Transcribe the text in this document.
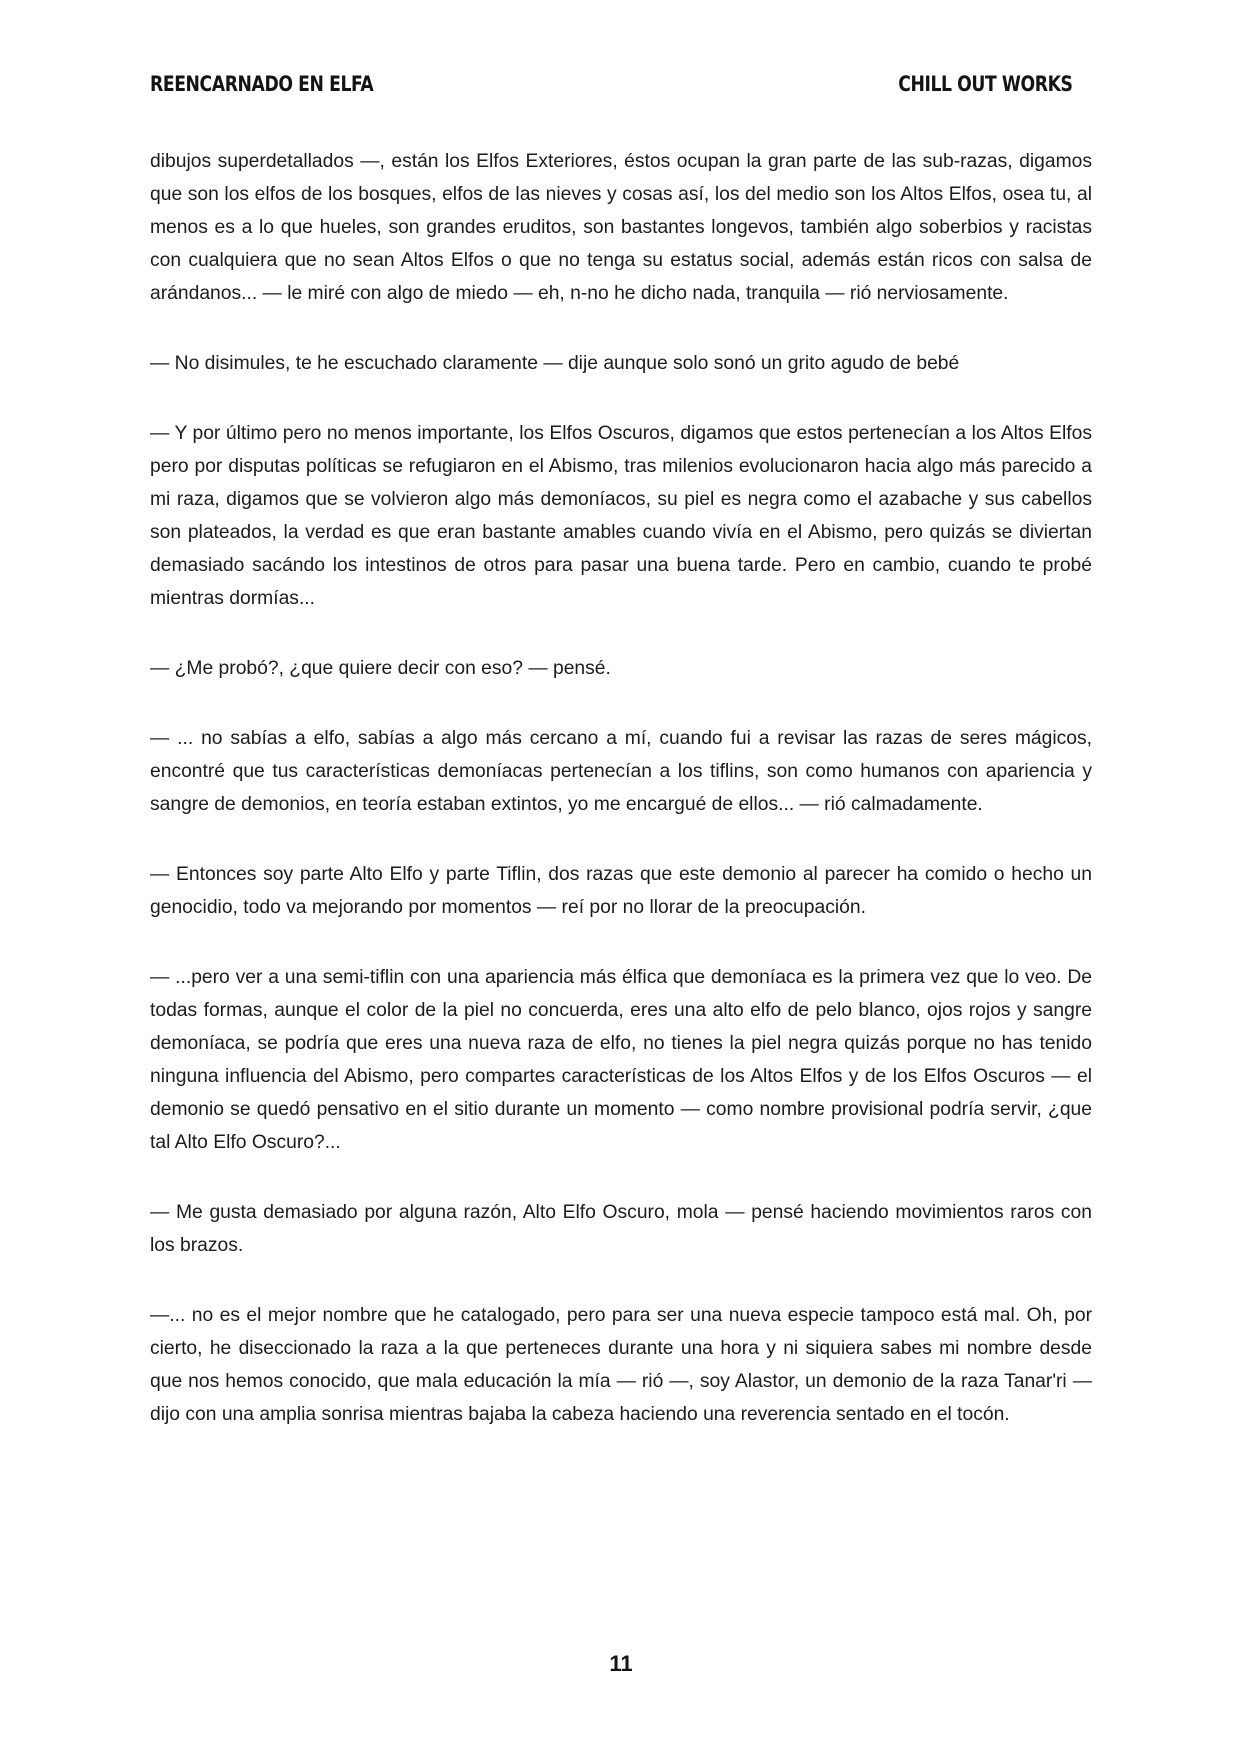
REENCARNADO EN ELFA	CHILL OUT WORKS

dibujos superdetallados —, están los Elfos Exteriores, éstos ocupan la gran parte de las sub-razas, digamos que son los elfos de los bosques, elfos de las nieves y cosas así, los del medio son los Altos Elfos, osea tu, al menos es a lo que hueles, son grandes eruditos, son bastantes longevos, también algo soberbios y racistas con cualquiera que no sean Altos Elfos o que no tenga su estatus social, además están ricos con salsa de arándanos... — le miré con algo de miedo — eh, n-no he dicho nada, tranquila — rió nerviosamente.

— No disimules, te he escuchado claramente — dije aunque solo sonó un grito agudo de bebé

— Y por último pero no menos importante, los Elfos Oscuros, digamos que estos pertenecían a los Altos Elfos pero por disputas políticas se refugiaron en el Abismo, tras milenios evolucionaron hacia algo más parecido a mi raza, digamos que se volvieron algo más demoníacos, su piel es negra como el azabache y sus cabellos son plateados, la verdad es que eran bastante amables cuando vivía en el Abismo, pero quizás se diviertan demasiado sacándo los intestinos de otros para pasar una buena tarde. Pero en cambio, cuando te probé mientras dormías...

— ¿Me probó?, ¿que quiere decir con eso? — pensé.

— ... no sabías a elfo, sabías a algo más cercano a mí, cuando fui a revisar las razas de seres mágicos, encontré que tus características demoníacas pertenecían a los tiflins, son como humanos con apariencia y sangre de demonios, en teoría estaban extintos, yo me encargué de ellos... — rió calmadamente.

— Entonces soy parte Alto Elfo y parte Tiflin, dos razas que este demonio al parecer ha comido o hecho un genocidio, todo va mejorando por momentos — reí por no llorar de la preocupación.

— ...pero ver a una semi-tiflin con una apariencia más élfica que demoníaca es la primera vez que lo veo. De todas formas, aunque el color de la piel no concuerda, eres una alto elfo de pelo blanco, ojos rojos y sangre demoníaca, se podría que eres una nueva raza de elfo, no tienes la piel negra quizás porque no has tenido ninguna influencia del Abismo, pero compartes características de los Altos Elfos y de los Elfos Oscuros — el demonio se quedó pensativo en el sitio durante un momento — como nombre provisional podría servir, ¿que tal Alto Elfo Oscuro?...

— Me gusta demasiado por alguna razón, Alto Elfo Oscuro, mola — pensé haciendo movimientos raros con los brazos.

—... no es el mejor nombre que he catalogado, pero para ser una nueva especie tampoco está mal. Oh, por cierto, he diseccionado la raza a la que perteneces durante una hora y ni siquiera sabes mi nombre desde que nos hemos conocido, que mala educación la mía — rió —, soy Alastor, un demonio de la raza Tanar'ri — dijo con una amplia sonrisa mientras bajaba la cabeza haciendo una reverencia sentado en el tocón.

11
